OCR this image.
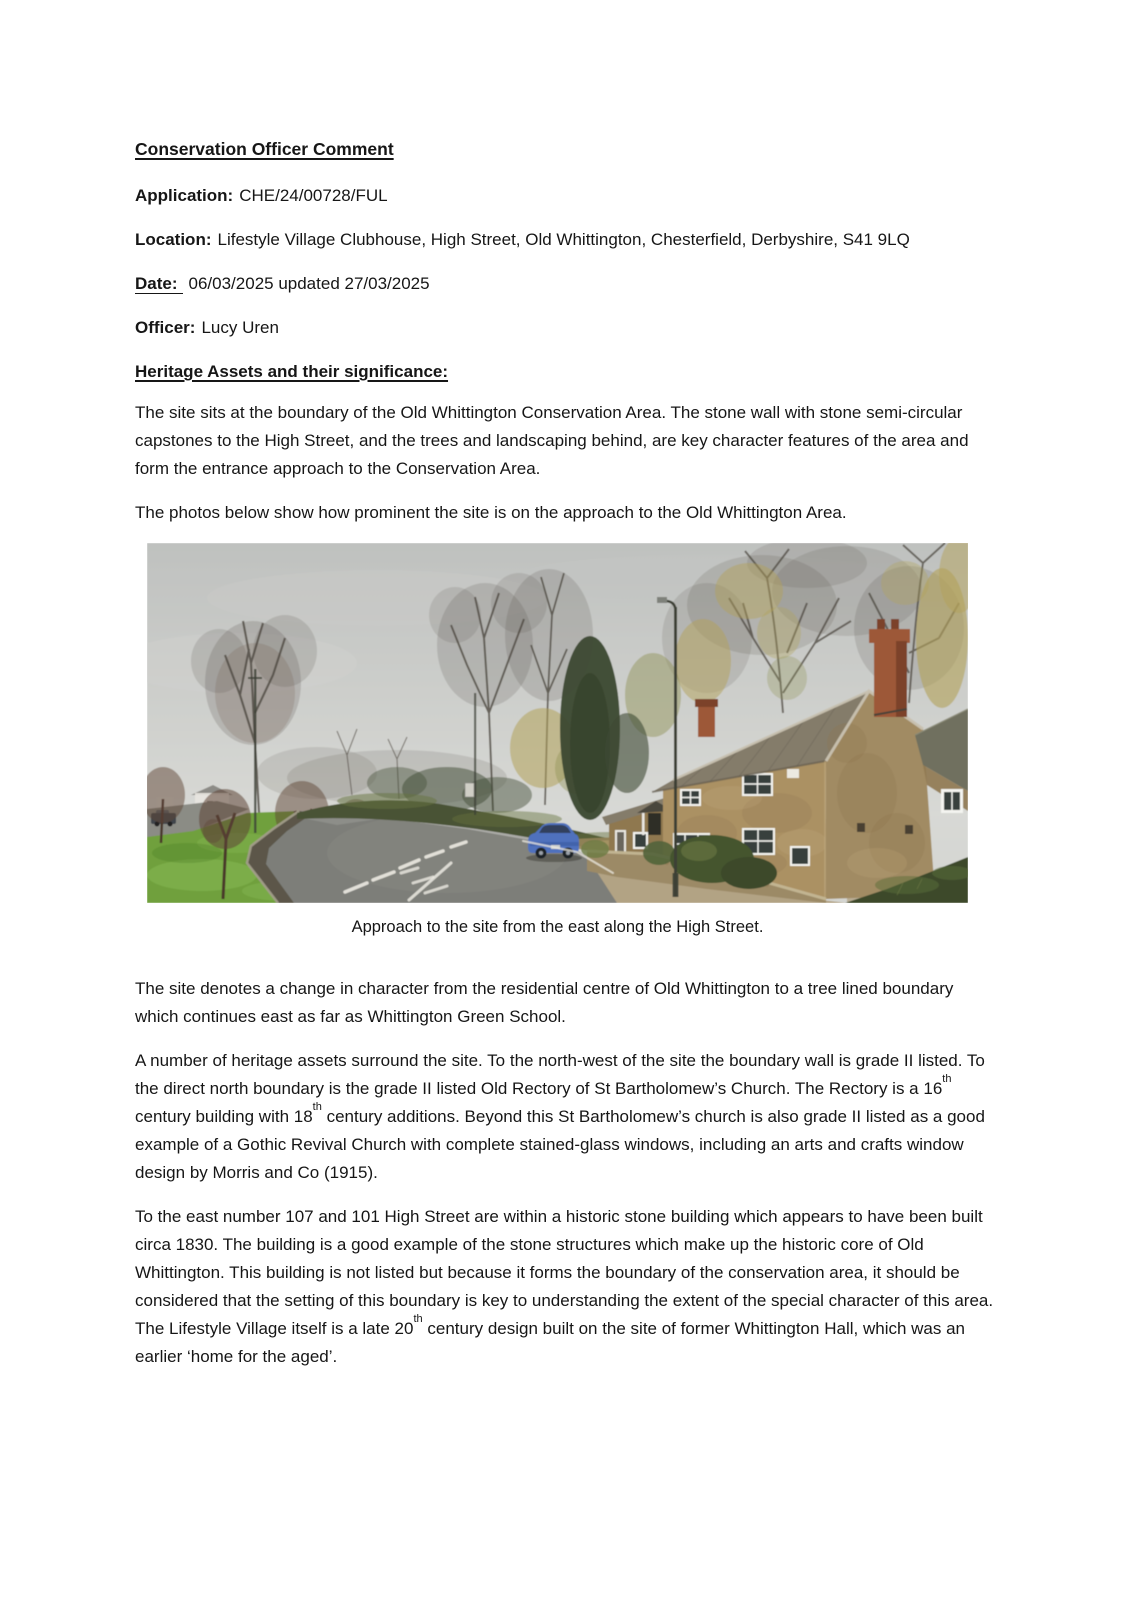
Conservation Officer Comment

Application: CHE/24/00728/FUL

Location: Lifestyle Village Clubhouse, High Street, Old Whittington, Chesterfield, Derbyshire, S41 9LQ

Date: 06/03/2025 updated 27/03/2025

Officer: Lucy Uren

Heritage Assets and their significance:

The site sits at the boundary of the Old Whittington Conservation Area. The stone wall with stone semi-circular capstones to the High Street, and the trees and landscaping behind, are key character features of the area and form the entrance approach to the Conservation Area.

The photos below show how prominent the site is on the approach to the Old Whittington Area.

Approach to the site from the east along the High Street.

The site denotes a change in character from the residential centre of Old Whittington to a tree lined boundary which continues east as far as Whittington Green School.

A number of heritage assets surround the site. To the north-west of the site the boundary wall is grade II listed. To the direct north boundary is the grade II listed Old Rectory of St Bartholomew’s Church. The Rectory is a 16th century building with 18th century additions. Beyond this St Bartholomew’s church is also grade II listed as a good example of a Gothic Revival Church with complete stained-glass windows, including an arts and crafts window design by Morris and Co (1915).

To the east number 107 and 101 High Street are within a historic stone building which appears to have been built circa 1830. The building is a good example of the stone structures which make up the historic core of Old Whittington. This building is not listed but because it forms the boundary of the conservation area, it should be considered that the setting of this boundary is key to understanding the extent of the special character of this area. The Lifestyle Village itself is a late 20th century design built on the site of former Whittington Hall, which was an earlier ‘home for the aged’.
